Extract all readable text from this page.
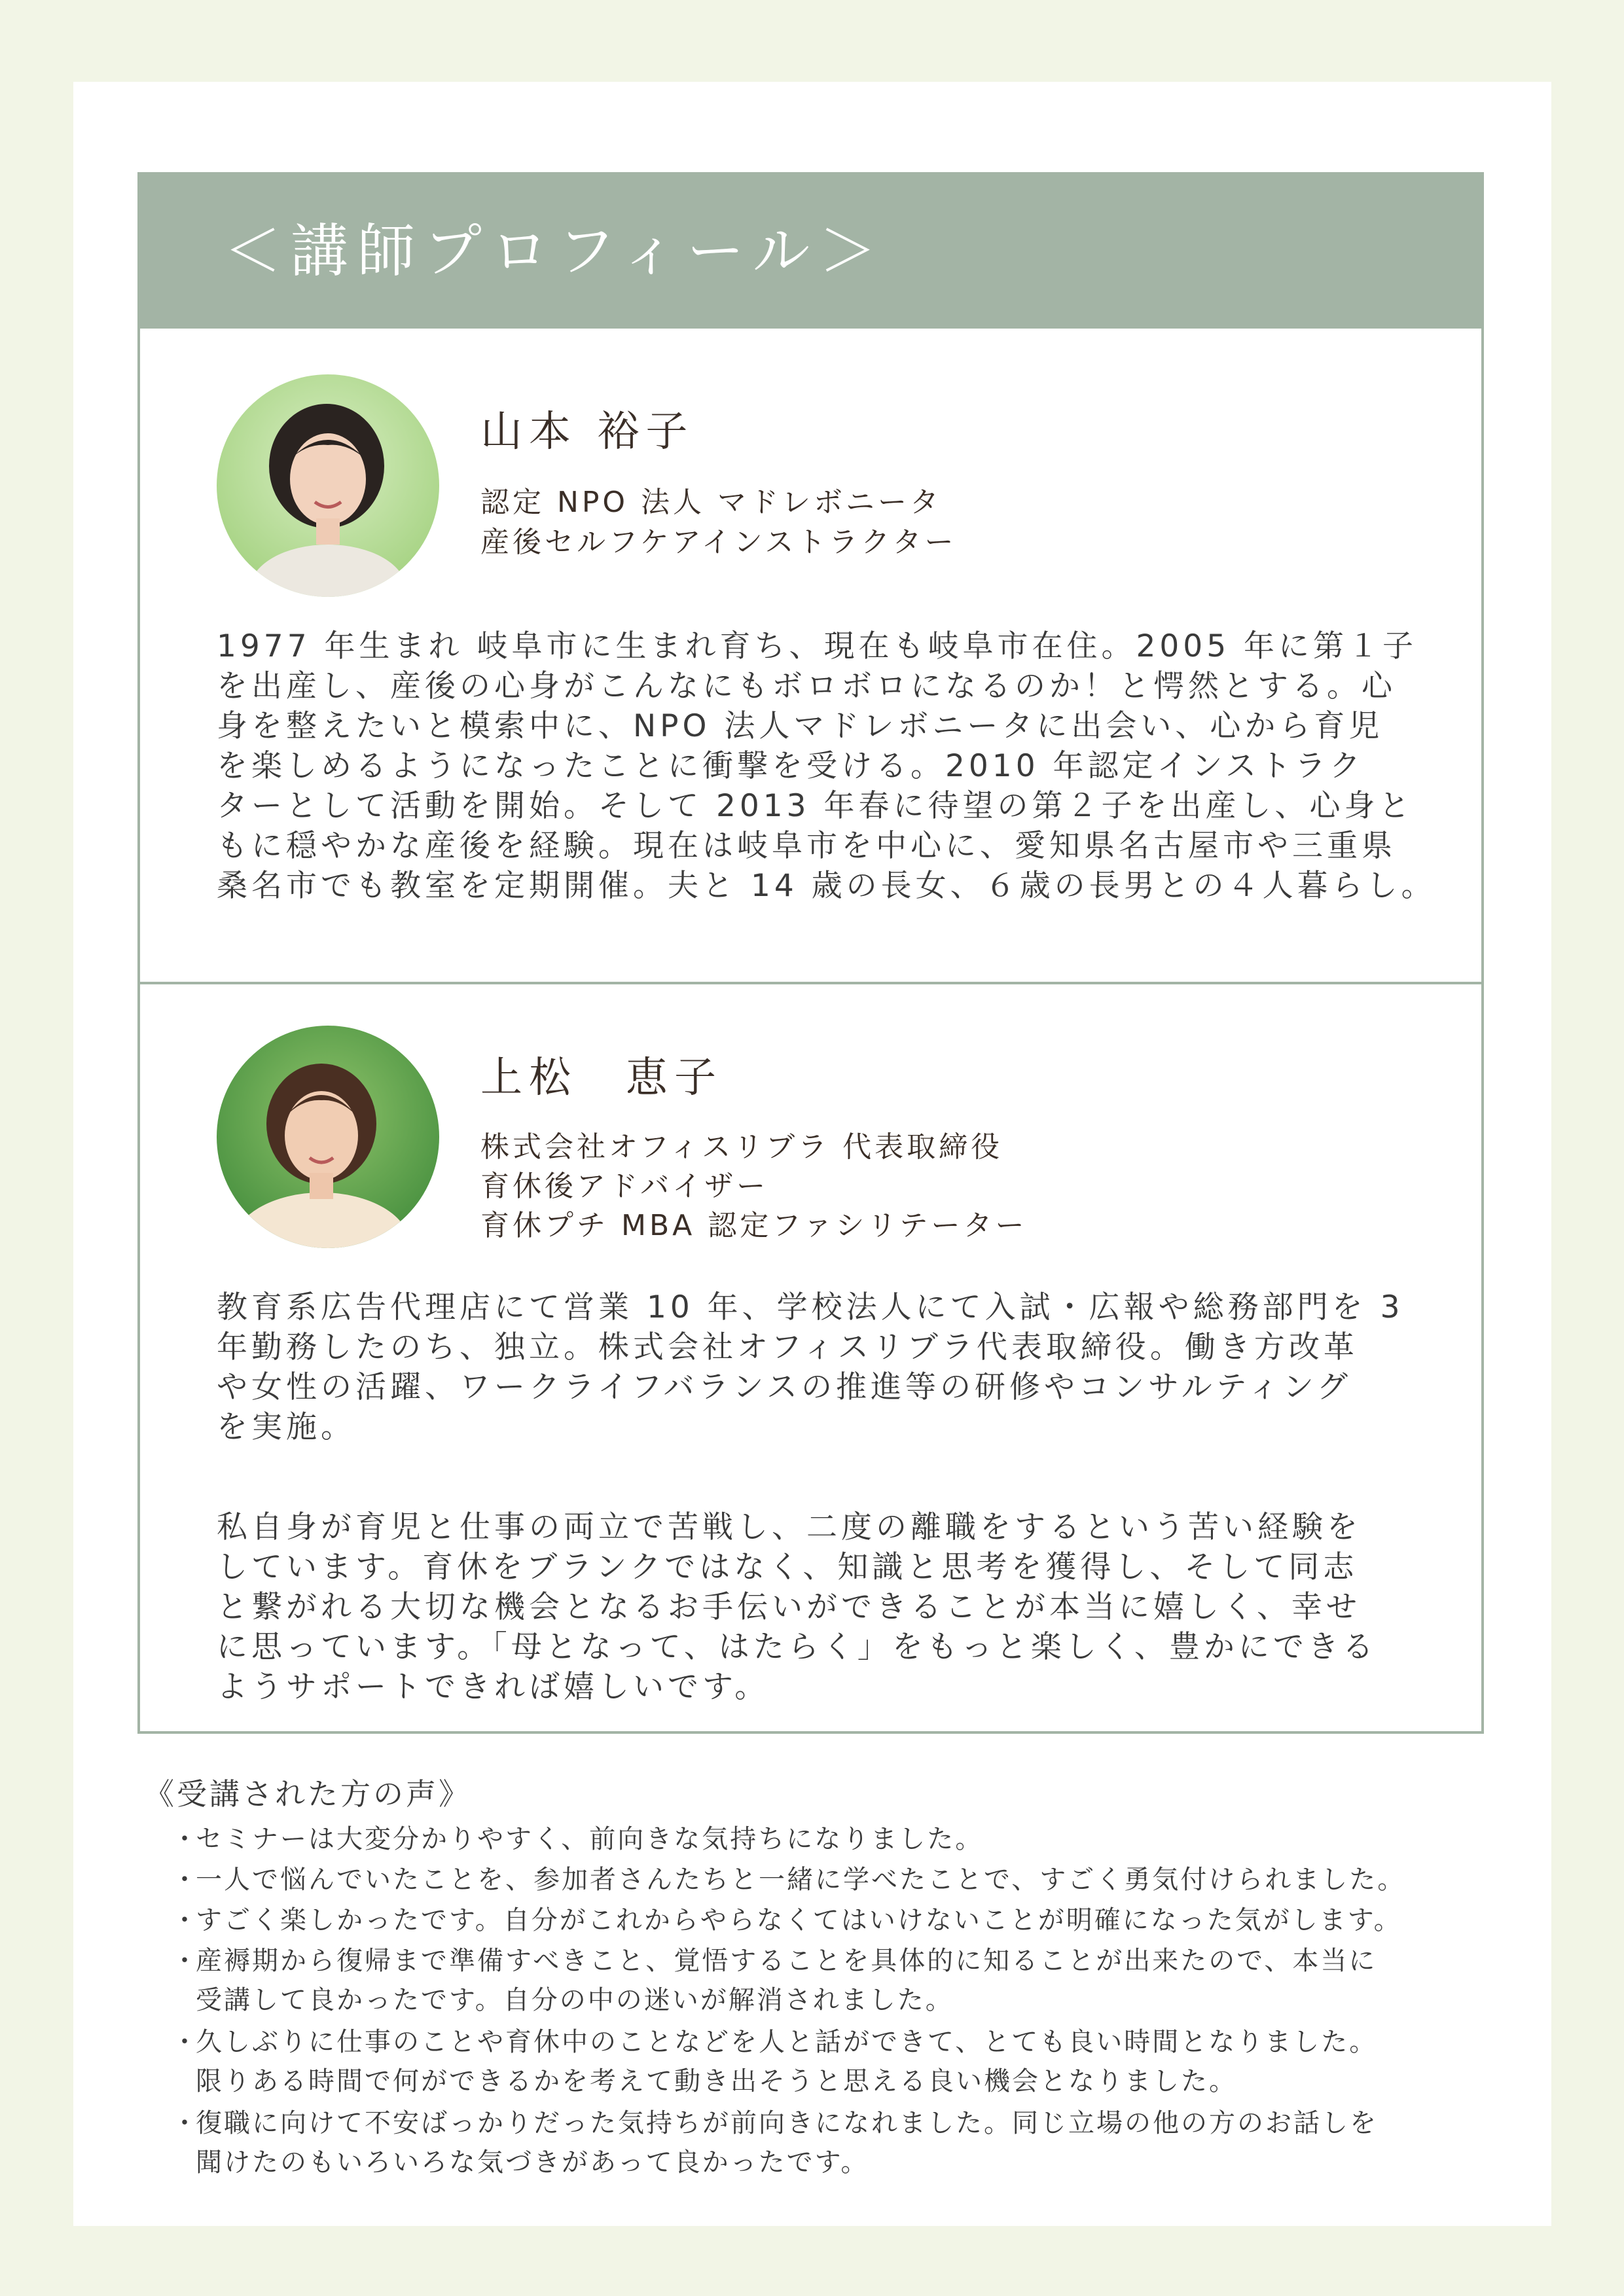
＜講師プロフィール＞
山本 裕子
認定 NPO 法人 マドレボニータ
産後セルフケアインストラクター
1977 年生まれ 岐阜市に生まれ育ち、現在も岐阜市在住。2005 年に第１子
を出産し、産後の心身がこんなにもボロボロになるのか！と愕然とする。心
身を整えたいと模索中に、NPO 法人マドレボニータに出会い、心から育児
を楽しめるようになったことに衝撃を受ける。2010 年認定インストラク
ターとして活動を開始。そして 2013 年春に待望の第２子を出産し、心身と
もに穏やかな産後を経験。現在は岐阜市を中心に、愛知県名古屋市や三重県
桑名市でも教室を定期開催。夫と 14 歳の長女、６歳の長男との４人暮らし。
上松　恵子
株式会社オフィスリブラ 代表取締役
育休後アドバイザー
育休プチ MBA 認定ファシリテーター
教育系広告代理店にて営業 10 年、学校法人にて入試・広報や総務部門を 3
年勤務したのち、独立。株式会社オフィスリブラ代表取締役。働き方改革
や女性の活躍、ワークライフバランスの推進等の研修やコンサルティング
を実施。
私自身が育児と仕事の両立で苦戦し、二度の離職をするという苦い経験を
しています。育休をブランクではなく、知識と思考を獲得し、そして同志
と繋がれる大切な機会となるお手伝いができることが本当に嬉しく、幸せ
に思っています。「母となって、はたらく」をもっと楽しく、豊かにできる
ようサポートできれば嬉しいです。
《受講された方の声》
・セミナーは大変分かりやすく、前向きな気持ちになりました。
・一人で悩んでいたことを、参加者さんたちと一緒に学べたことで、すごく勇気付けられました。
・すごく楽しかったです。自分がこれからやらなくてはいけないことが明確になった気がします。
・産褥期から復帰まで準備すべきこと、覚悟することを具体的に知ることが出来たので、本当に
受講して良かったです。自分の中の迷いが解消されました。
・久しぶりに仕事のことや育休中のことなどを人と話ができて、とても良い時間となりました。
限りある時間で何ができるかを考えて動き出そうと思える良い機会となりました。
・復職に向けて不安ばっかりだった気持ちが前向きになれました。同じ立場の他の方のお話しを
聞けたのもいろいろな気づきがあって良かったです。
